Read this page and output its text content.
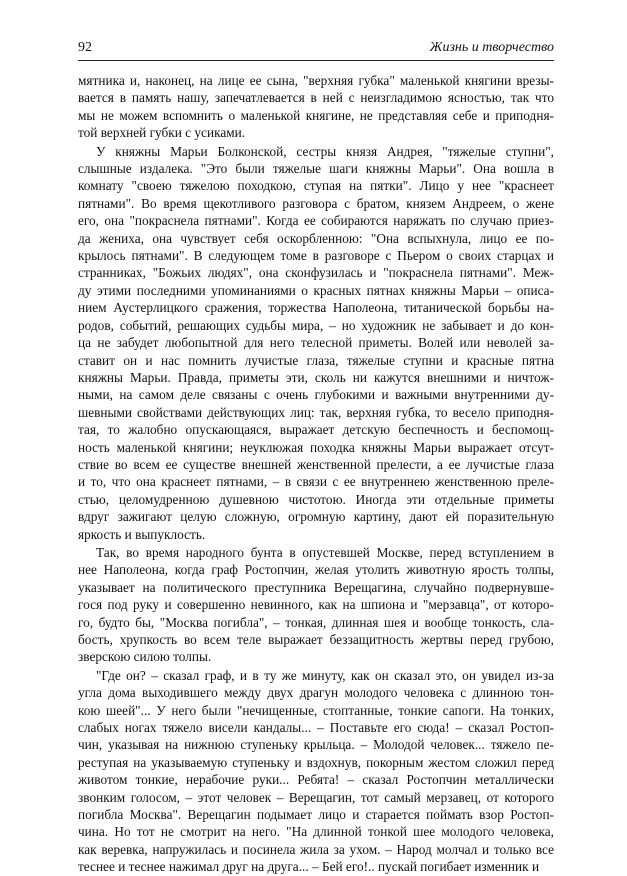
92	Жизнь и творчество
мятника и, наконец, на лице ее сына, "верхняя губка" маленькой княгини врезы-
вается в память нашу, запечатлевается в ней с неизгладимою ясностью, так что
мы не можем вспомнить о маленькой княгине, не представляя себе и приподня-
той верхней губки с усиками.
У княжны Марьи Болконской, сестры князя Андрея, "тяжелые ступни",
слышные издалека. "Это были тяжелые шаги княжны Марьи". Она вошла в
комнату "своею тяжелою походкою, ступая на пятки". Лицо у нее "краснеет
пятнами". Во время щекотливого разговора с братом, князем Андреем, о жене
его, она "покраснела пятнами". Когда ее собираются наряжать по случаю приез-
да жениха, она чувствует себя оскорбленною: "Она вспыхнула, лицо ее по-
крылось пятнами". В следующем томе в разговоре с Пьером о своих старцах и
странниках, "Божьих людях", она сконфузилась и "покраснела пятнами". Меж-
ду этими последними упоминаниями о красных пятнах княжны Марьи – описа-
нием Аустерлицкого сражения, торжества Наполеона, титанической борьбы на-
родов, событий, решающих судьбы мира, – но художник не забывает и до кон-
ца не забудет любопытной для него телесной приметы. Волей или неволей за-
ставит он и нас помнить лучистые глаза, тяжелые ступни и красные пятна
княжны Марьи. Правда, приметы эти, сколь ни кажутся внешними и ничтож-
ными, на самом деле связаны с очень глубокими и важными внутренними ду-
шевными свойствами действующих лиц: так, верхняя губка, то весело приподня-
тая, то жалобно опускающаяся, выражает детскую беспечность и беспомощ-
ность маленькой княгини; неуклюжая походка княжны Марьи выражает отсут-
ствие во всем ее существе внешней женственной прелести, а ее лучистые глаза
и то, что она краснеет пятнами, – в связи с ее внутреннею женственною преле-
стью, целомудренною душевною чистотою. Иногда эти отдельные приметы
вдруг зажигают целую сложную, огромную картину, дают ей поразительную
яркость и выпуклость.
Так, во время народного бунта в опустевшей Москве, перед вступлением в
нее Наполеона, когда граф Ростопчин, желая утолить животную ярость толпы,
указывает на политического преступника Верещагина, случайно подвернувше-
гося под руку и совершенно невинного, как на шпиона и "мерзавца", от которо-
го, будто бы, "Москва погибла", – тонкая, длинная шея и вообще тонкость, сла-
бость, хрупкость во всем теле выражает беззащитность жертвы перед грубою,
зверскою силою толпы.
"Где он? – сказал граф, и в ту же минуту, как он сказал это, он увидел из-за
угла дома выходившего между двух драгун молодого человека с длинною тон-
кою шеей"... У него были "нечищенные, стоптанные, тонкие сапоги. На тонких,
слабых ногах тяжело висели кандалы... – Поставьте его сюда! – сказал Ростоп-
чин, указывая на нижнюю ступеньку крыльца. – Молодой человек... тяжело пе-
реступая на указываемую ступеньку и вздохнув, покорным жестом сложил перед
животом тонкие, нерабочие руки... Ребята! – сказал Ростопчин металлически
звонким голосом, – этот человек – Верещагин, тот самый мерзавец, от которого
погибла Москва". Верещагин подымает лицо и старается поймать взор Ростоп-
чина. Но тот не смотрит на него. "На длинной тонкой шее молодого человека,
как веревка, напружилась и посинела жила за ухом. – Народ молчал и только все
теснее и теснее нажимал друг на друга... – Бей его!.. пускай погибает изменник и
